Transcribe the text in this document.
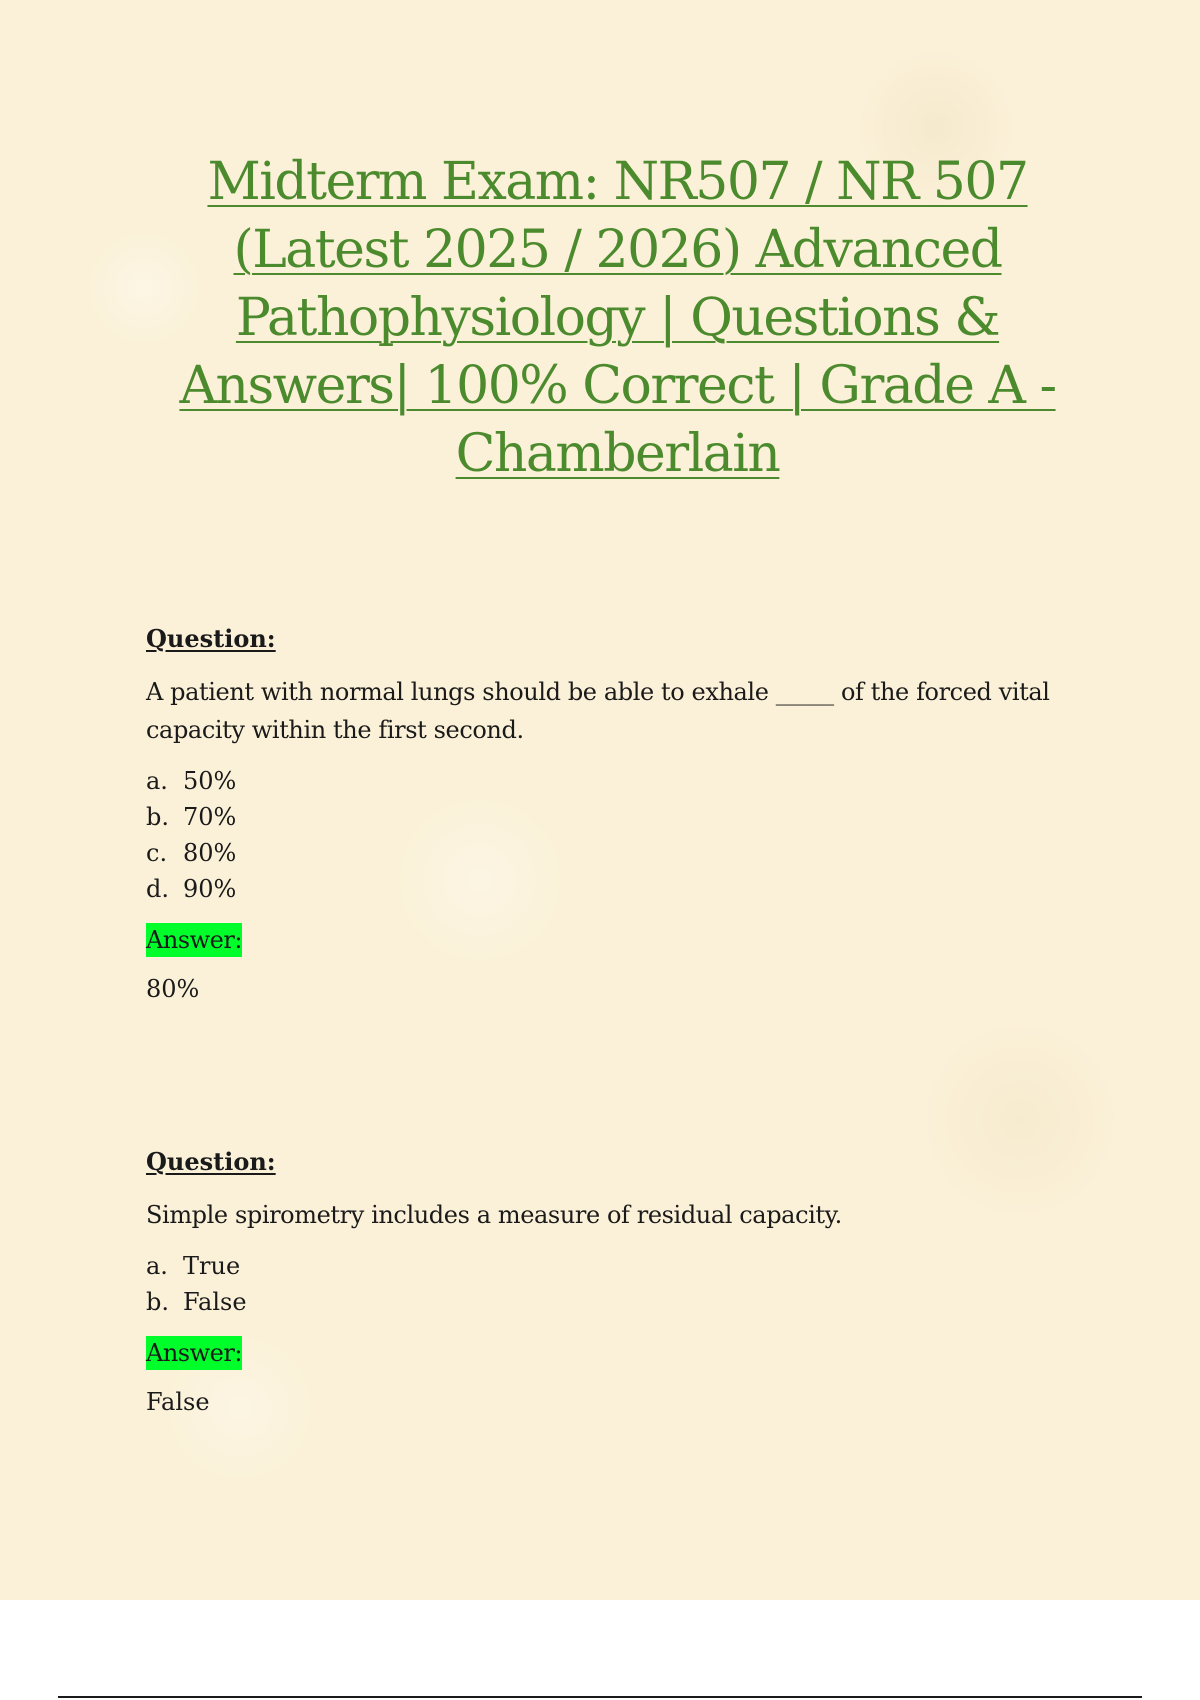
Midterm Exam: NR507 / NR 507 (Latest 2025 / 2026) Advanced Pathophysiology | Questions & Answers| 100% Correct | Grade A - Chamberlain
Question:
A patient with normal lungs should be able to exhale _____ of the forced vital capacity within the first second.
a. 50%
b. 70%
c. 80%
d. 90%
Answer:
80%
Question:
Simple spirometry includes a measure of residual capacity.
a. True
b. False
Answer:
False
